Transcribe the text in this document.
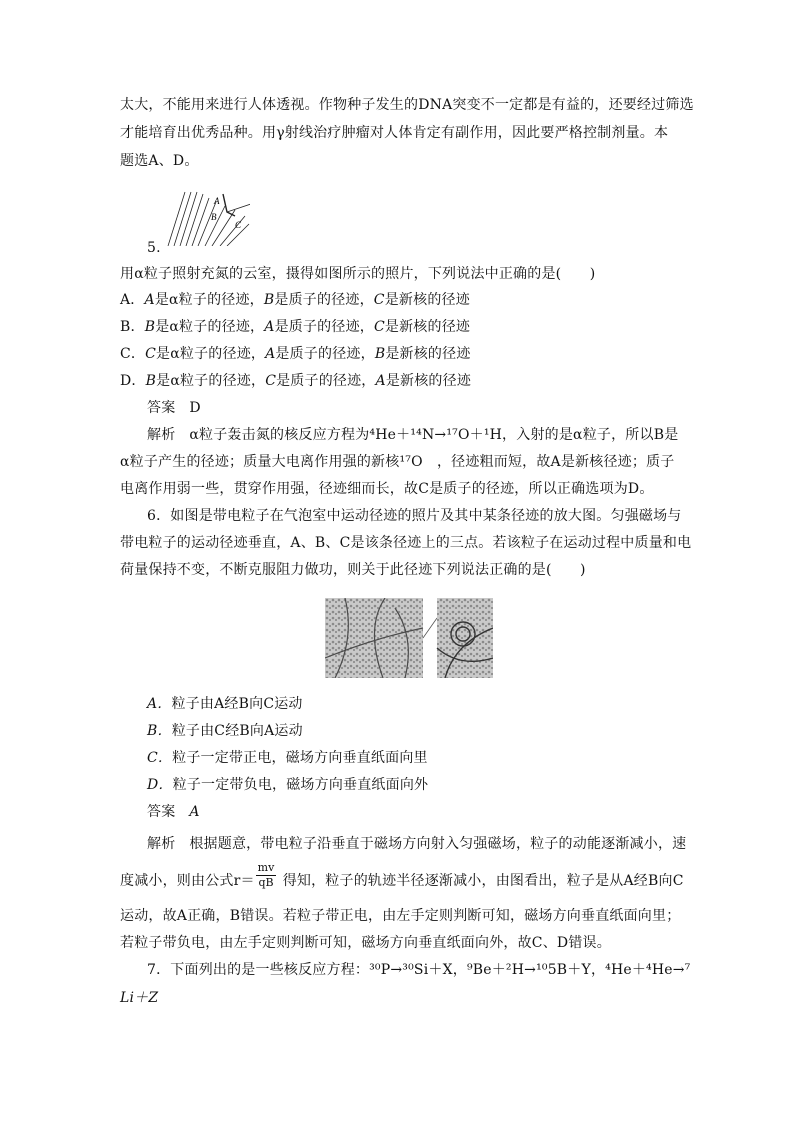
太大，不能用来进行人体透视。作物种子发生的DNA突变不一定都是有益的，还要经过筛选
才能培育出优秀品种。用γ射线治疗肿瘤对人体肯定有副作用，因此要严格控制剂量。本
题选A、D。
A
B
C
5.
用α粒子照射充氮的云室，摄得如图所示的照片，下列说法中正确的是(　　)
A．A是α粒子的径迹，B是质子的径迹，C是新核的径迹
B．B是α粒子的径迹，A是质子的径迹，C是新核的径迹
C．C是α粒子的径迹，A是质子的径迹，B是新核的径迹
D．B是α粒子的径迹，C是质子的径迹，A是新核的径迹
答案 D
解析 α粒子轰击氮的核反应方程为⁴He＋¹⁴N→¹⁷O＋¹H，入射的是α粒子，所以B是
α粒子产生的径迹；质量大电离作用强的新核¹⁷O　，径迹粗而短，故A是新核径迹；质子
电离作用弱一些，贯穿作用强，径迹细而长，故C是质子的径迹，所以正确选项为D。
6．如图是带电粒子在气泡室中运动径迹的照片及其中某条径迹的放大图。匀强磁场与
带电粒子的运动径迹垂直，A、B、C是该条径迹上的三点。若该粒子在运动过程中质量和电
荷量保持不变，不断克服阻力做功，则关于此径迹下列说法正确的是(　　)
A．粒子由A经B向C运动
B．粒子由C经B向A运动
C．粒子一定带正电，磁场方向垂直纸面向里
D．粒子一定带负电，磁场方向垂直纸面向外
答案 A
解析 根据题意，带电粒子沿垂直于磁场方向射入匀强磁场，粒子的动能逐渐减小，速
度减小，则由公式r＝ 得知，粒子的轨迹半径逐渐减小，由图看出，粒子是从A经B向C
mv
qB
运动，故A正确，B错误。若粒子带正电，由左手定则判断可知，磁场方向垂直纸面向里；
若粒子带负电，由左手定则判断可知，磁场方向垂直纸面向外，故C、D错误。
7．下面列出的是一些核反应方程：³⁰P→³⁰Si＋X，⁹Be＋²H→¹⁰5B＋Y，⁴He＋⁴He→⁷
Li＋Z
